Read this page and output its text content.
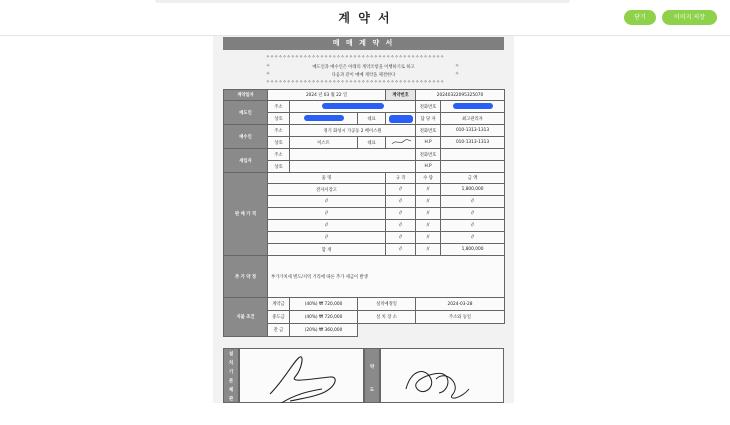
계 약 서	닫기	이미지 저장
매 매 계 약 서
✧✧✧✧✧✧✧✧✧✧✧✧✧✧✧✧✧✧✧✧✧✧✧✧✧✧✧✧✧✧✧✧✧✧✧✧✧✧✧✧✧✧✧
✧	✧
✧	✧
매도인과 매수인은 아래의 계약조항을 이행하기로 하고
다음과 같이 매매 계약을 체결한다
✧✧✧✧✧✧✧✧✧✧✧✧✧✧✧✧✧✧✧✧✧✧✧✧✧✧✧✧✧✧✧✧✧✧✧✧✧✧✧✧✧✧✧
계약일자	2024 년 03 월 22 일			계약번호	20240322095325070	
매도인	주소				전화번호	
	상호		대표		담 당 자	최고관리자
매수인	주소	경기 화성시 가공동 2 베이스원			전화번호	010-1313-1313
	상호	미스트	대표		H.P	010-1313-1313
세입자	주소				전화번호	
	상호				H.P	
판 매 가 격	품 명			규 격	수 량	금 액
	전자서장고			//	//	1,800,000
	//			//	//	//
	//			//	//	//
	//			//	//	//
	//			//	//	//
	합 계			//	//	1,800,000
추 가 약 정	부가가치세 별도/지역 거리에 따른 추가 세금이 발생					
지불 조건	계약금	(40%) ₩ 720,000	설치예정일		2024-03-28	
	중도금	(40%) ₩ 720,000	설 치 장 소		주소와 동일	
	잔 금	(20%) ₩ 360,000				
설
치
기
본
제
관
약
도
